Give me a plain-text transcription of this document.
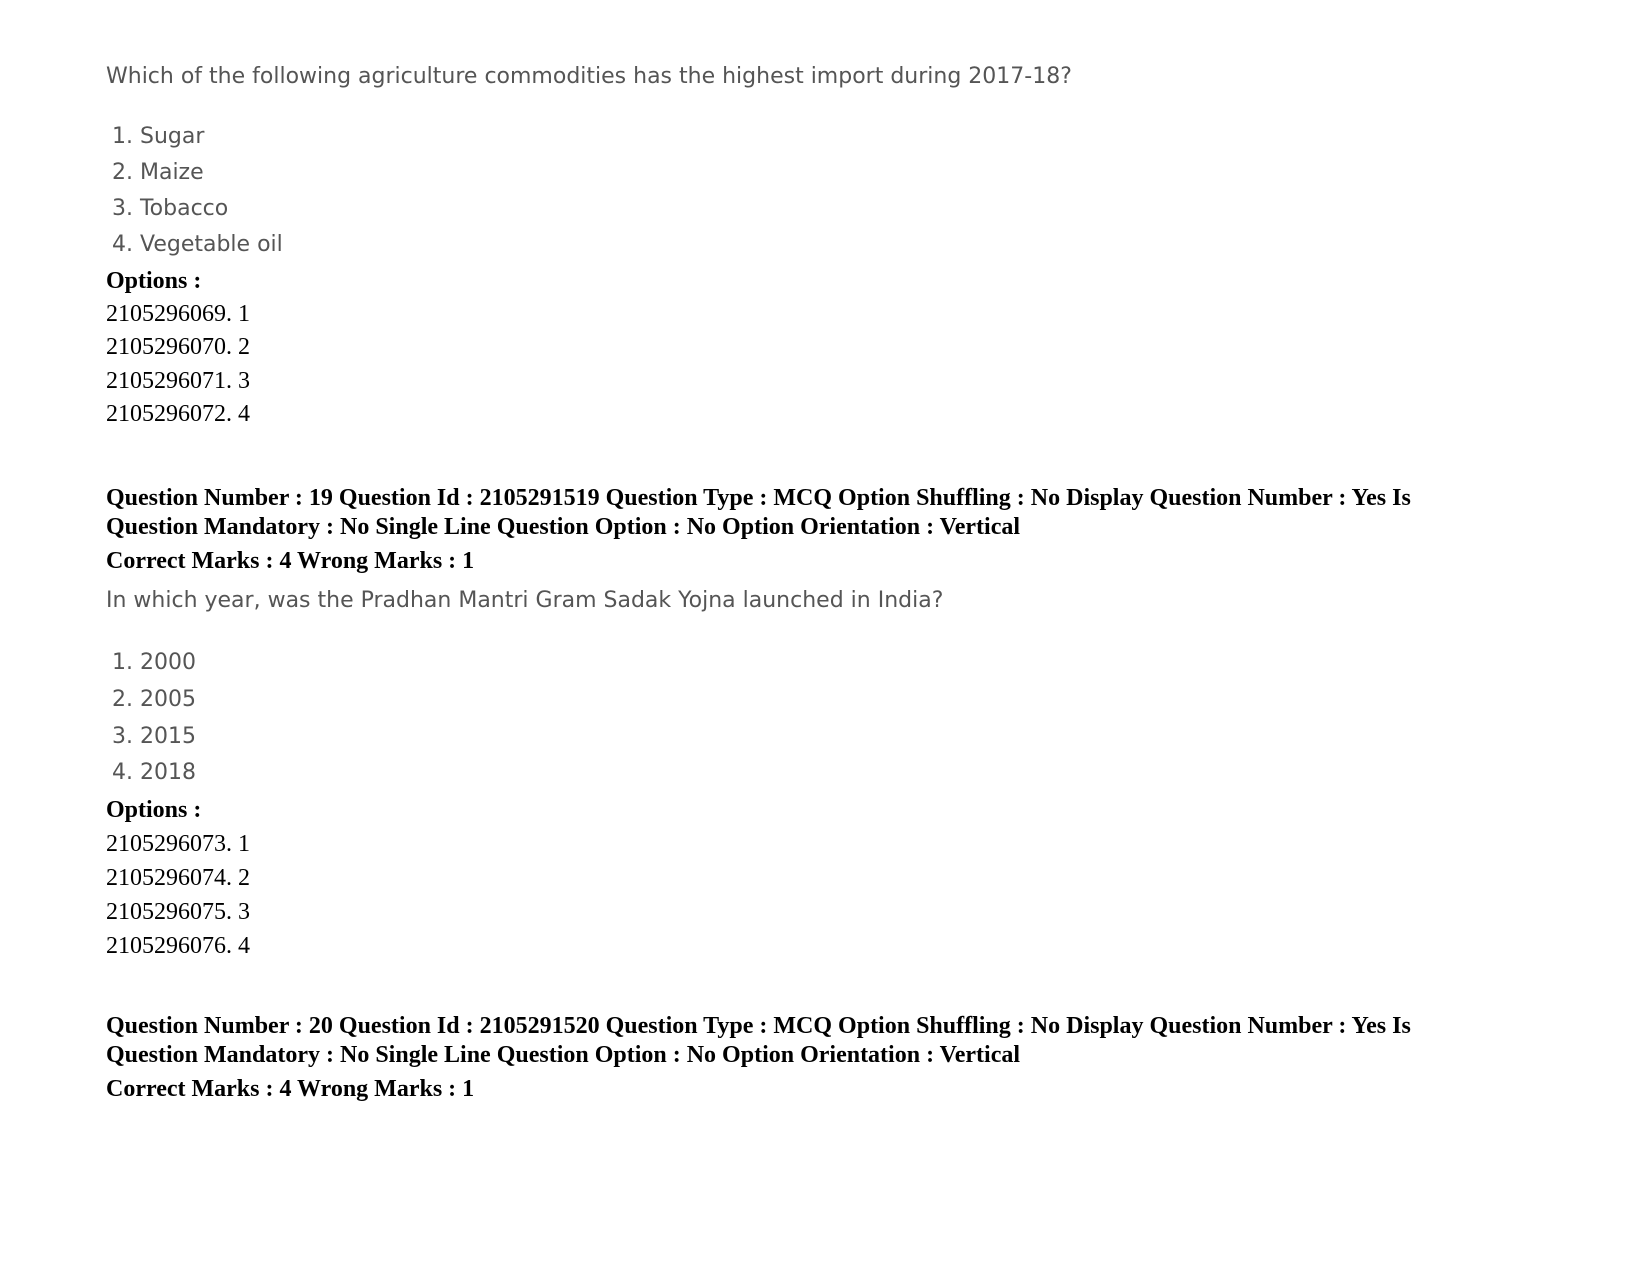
Which of the following agriculture commodities has the highest import during 2017-18?
1. Sugar
2. Maize
3. Tobacco
4. Vegetable oil
Options :
2105296069. 1
2105296070. 2
2105296071. 3
2105296072. 4
Question Number : 19 Question Id : 2105291519 Question Type : MCQ Option Shuffling : No Display Question Number : Yes Is Question Mandatory : No Single Line Question Option : No Option Orientation : Vertical
Correct Marks : 4 Wrong Marks : 1
In which year, was the Pradhan Mantri Gram Sadak Yojna launched in India?
1. 2000
2. 2005
3. 2015
4. 2018
Options :
2105296073. 1
2105296074. 2
2105296075. 3
2105296076. 4
Question Number : 20 Question Id : 2105291520 Question Type : MCQ Option Shuffling : No Display Question Number : Yes Is Question Mandatory : No Single Line Question Option : No Option Orientation : Vertical
Correct Marks : 4 Wrong Marks : 1
